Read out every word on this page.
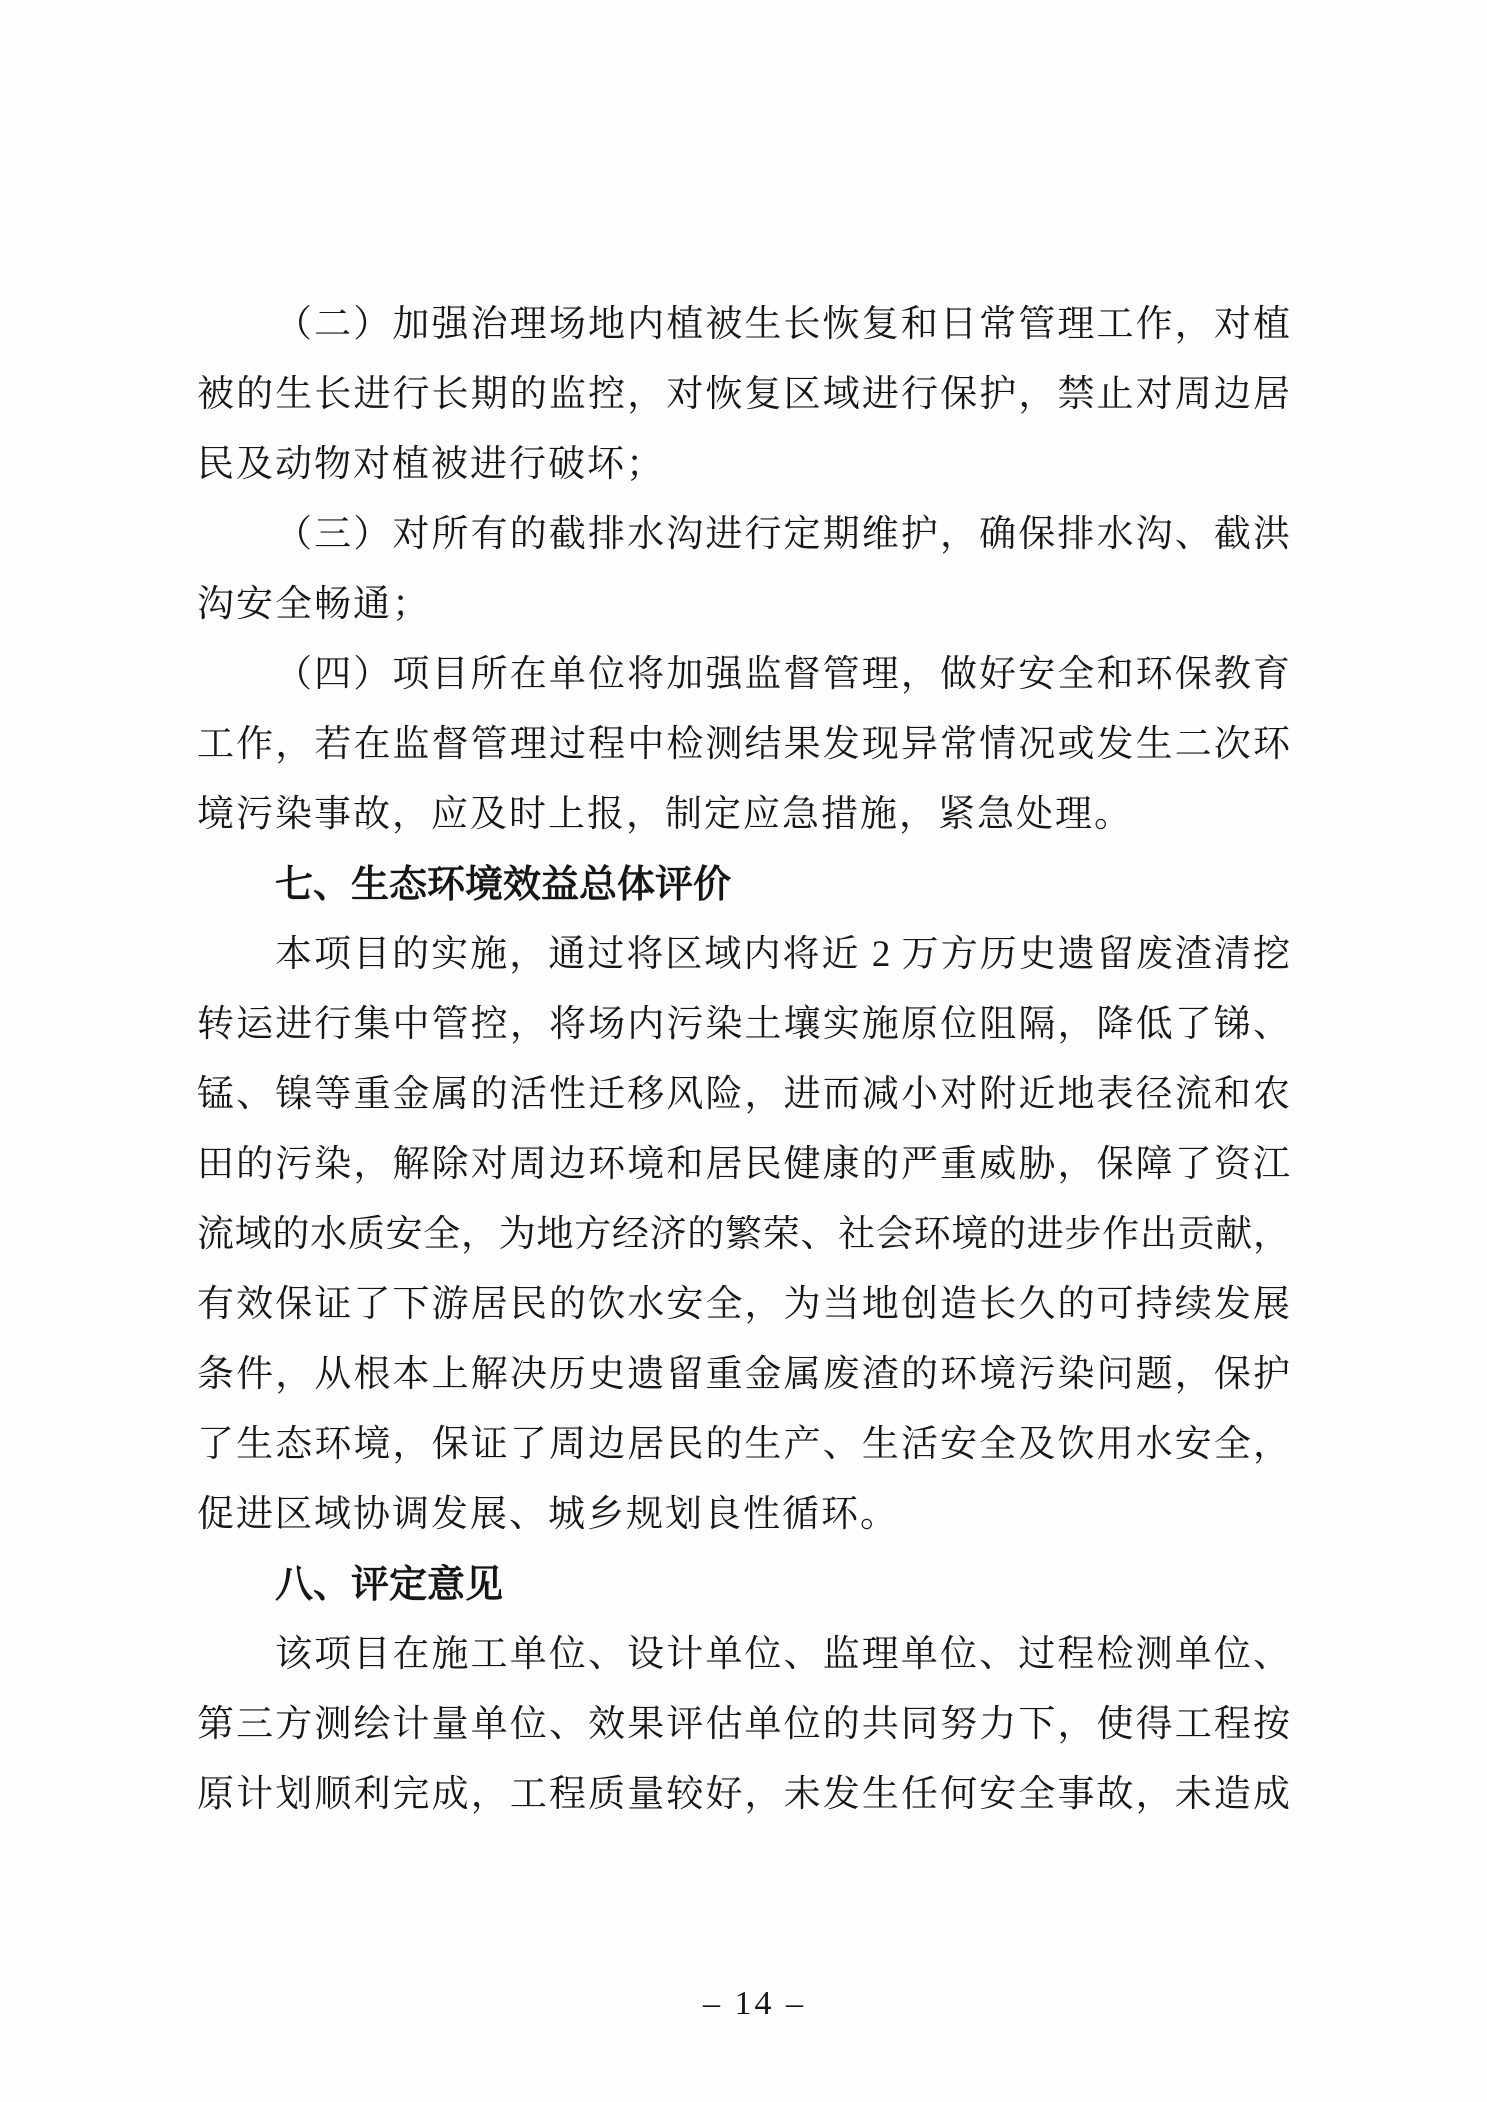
（二）加强治理场地内植被生长恢复和日常管理工作，对植
被的生长进行长期的监控，对恢复区域进行保护，禁止对周边居
民及动物对植被进行破坏；
（三）对所有的截排水沟进行定期维护，确保排水沟、截洪
沟安全畅通；
（四）项目所在单位将加强监督管理，做好安全和环保教育
工作，若在监督管理过程中检测结果发现异常情况或发生二次环
境污染事故，应及时上报，制定应急措施，紧急处理。
七、生态环境效益总体评价
本项目的实施，通过将区域内将近 2 万方历史遗留废渣清挖
转运进行集中管控，将场内污染土壤实施原位阻隔，降低了锑、
锰、镍等重金属的活性迁移风险，进而减小对附近地表径流和农
田的污染，解除对周边环境和居民健康的严重威胁，保障了资江
流域的水质安全，为地方经济的繁荣、社会环境的进步作出贡献，
有效保证了下游居民的饮水安全，为当地创造长久的可持续发展
条件，从根本上解决历史遗留重金属废渣的环境污染问题，保护
了生态环境，保证了周边居民的生产、生活安全及饮用水安全，
促进区域协调发展、城乡规划良性循环。
八、评定意见
该项目在施工单位、设计单位、监理单位、过程检测单位、
第三方测绘计量单位、效果评估单位的共同努力下，使得工程按
原计划顺利完成，工程质量较好，未发生任何安全事故，未造成
– 14 –
